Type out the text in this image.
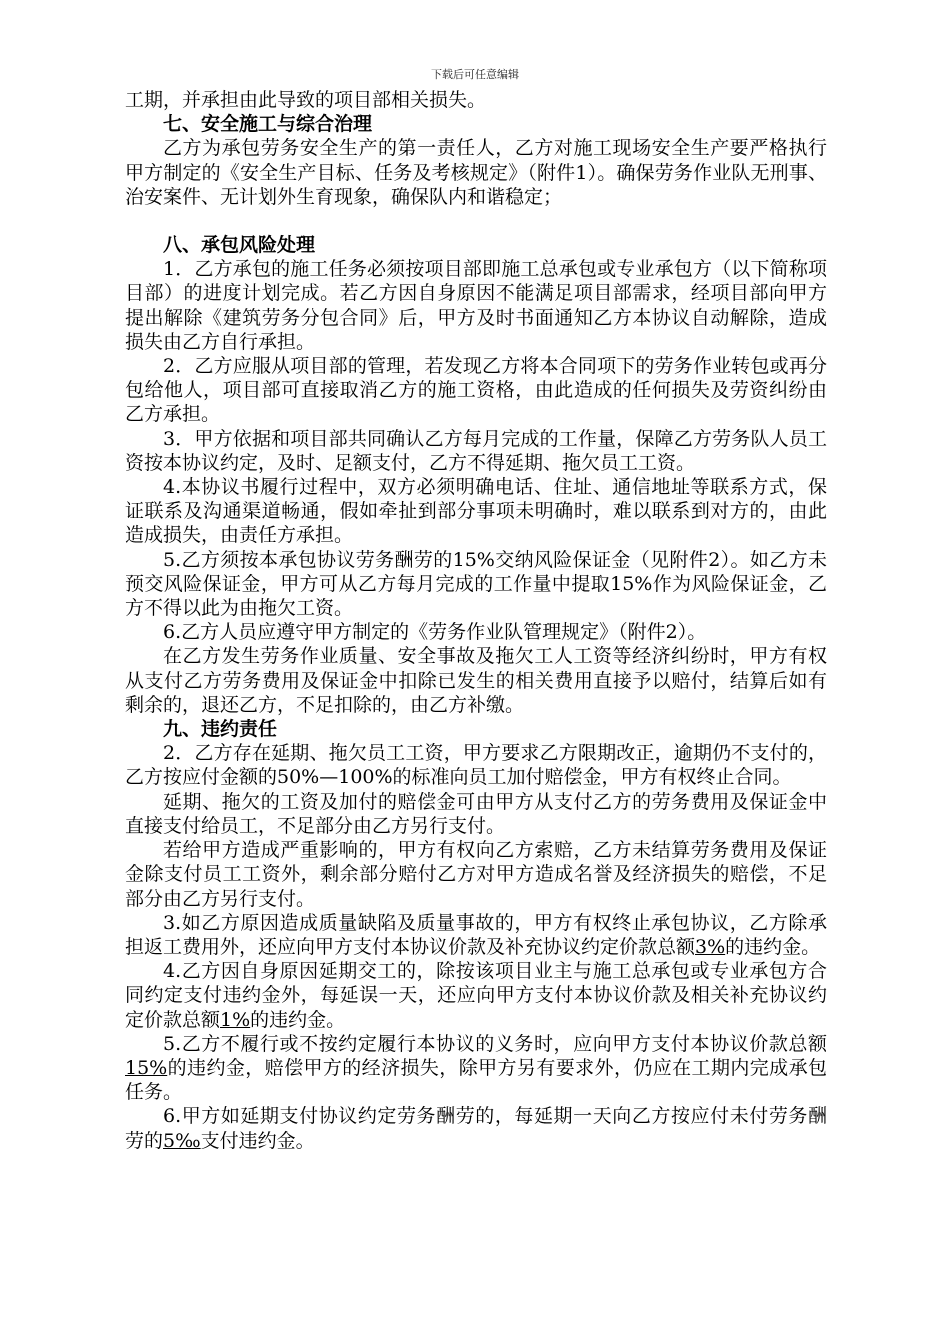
下载后可任意编辑

工期，并承担由此导致的项目部相关损失。

七、安全施工与综合治理

乙方为承包劳务安全生产的第一责任人，乙方对施工现场安全生产要严格执行甲方制定的《安全生产目标、任务及考核规定》（附件1）。确保劳务作业队无刑事、治安案件、无计划外生育现象，确保队内和谐稳定；

八、承包风险处理

1．乙方承包的施工任务必须按项目部即施工总承包或专业承包方（以下简称项目部）的进度计划完成。若乙方因自身原因不能满足项目部需求，经项目部向甲方提出解除《建筑劳务分包合同》后，甲方及时书面通知乙方本协议自动解除，造成损失由乙方自行承担。

2．乙方应服从项目部的管理，若发现乙方将本合同项下的劳务作业转包或再分包给他人，项目部可直接取消乙方的施工资格，由此造成的任何损失及劳资纠纷由乙方承担。

3．甲方依据和项目部共同确认乙方每月完成的工作量，保障乙方劳务队人员工资按本协议约定，及时、足额支付，乙方不得延期、拖欠员工工资。

4.本协议书履行过程中，双方必须明确电话、住址、通信地址等联系方式，保证联系及沟通渠道畅通，假如牵扯到部分事项未明确时，难以联系到对方的，由此造成损失，由责任方承担。

5.乙方须按本承包协议劳务酬劳的15%交纳风险保证金（见附件2）。如乙方未预交风险保证金，甲方可从乙方每月完成的工作量中提取15%作为风险保证金，乙方不得以此为由拖欠工资。

6.乙方人员应遵守甲方制定的《劳务作业队管理规定》（附件2）。

在乙方发生劳务作业质量、安全事故及拖欠工人工资等经济纠纷时，甲方有权从支付乙方劳务费用及保证金中扣除已发生的相关费用直接予以赔付，结算后如有剩余的，退还乙方，不足扣除的，由乙方补缴。

九、违约责任

2．乙方存在延期、拖欠员工工资，甲方要求乙方限期改正，逾期仍不支付的，乙方按应付金额的50%—100%的标准向员工加付赔偿金，甲方有权终止合同。

延期、拖欠的工资及加付的赔偿金可由甲方从支付乙方的劳务费用及保证金中直接支付给员工，不足部分由乙方另行支付。

若给甲方造成严重影响的，甲方有权向乙方索赔，乙方未结算劳务费用及保证金除支付员工工资外，剩余部分赔付乙方对甲方造成名誉及经济损失的赔偿，不足部分由乙方另行支付。

3.如乙方原因造成质量缺陷及质量事故的，甲方有权终止承包协议，乙方除承担返工费用外，还应向甲方支付本协议价款及补充协议约定价款总额3%的违约金。

4.乙方因自身原因延期交工的，除按该项目业主与施工总承包或专业承包方合同约定支付违约金外，每延误一天，还应向甲方支付本协议价款及相关补充协议约定价款总额1%的违约金。

5.乙方不履行或不按约定履行本协议的义务时，应向甲方支付本协议价款总额15%的违约金，赔偿甲方的经济损失，除甲方另有要求外，仍应在工期内完成承包任务。

6.甲方如延期支付协议约定劳务酬劳的，每延期一天向乙方按应付未付劳务酬劳的5‰支付违约金。
